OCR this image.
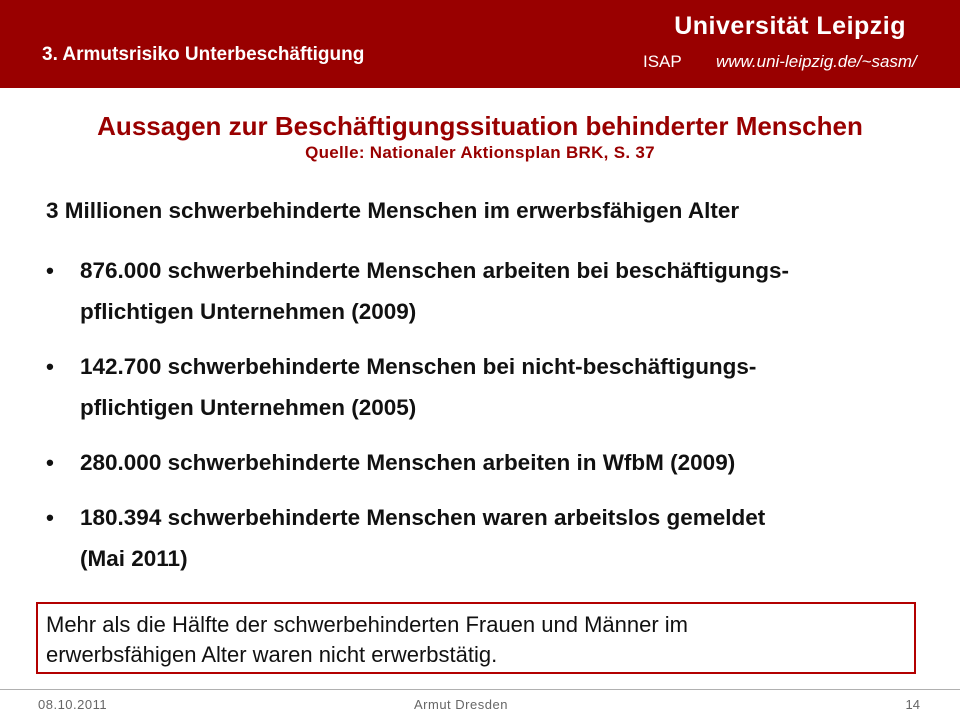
3. Armutsrisiko Unterbeschäftigung
Universität Leipzig
ISAP www.uni-leipzig.de/~sasm/

Aussagen zur Beschäftigungssituation behinderter Menschen

Quelle: Nationaler Aktionsplan BRK, S. 37

3 Millionen schwerbehinderte Menschen im erwerbsfähigen Alter
• 876.000 schwerbehinderte Menschen arbeiten bei beschäftigungs-
pflichtigen Unternehmen (2009)
• 142.700 schwerbehinderte Menschen bei nicht-beschäftigungs-
pflichtigen Unternehmen (2005)
• 280.000 schwerbehinderte Menschen arbeiten in WfbM (2009)
• 180.394 schwerbehinderte Menschen waren arbeitslos gemeldet
(Mai 2011)
Mehr als die Hälfte der schwerbehinderten Frauen und Männer im
erwerbsfähigen Alter waren nicht erwerbstätig.
08.10.2011	Armut Dresden	14
